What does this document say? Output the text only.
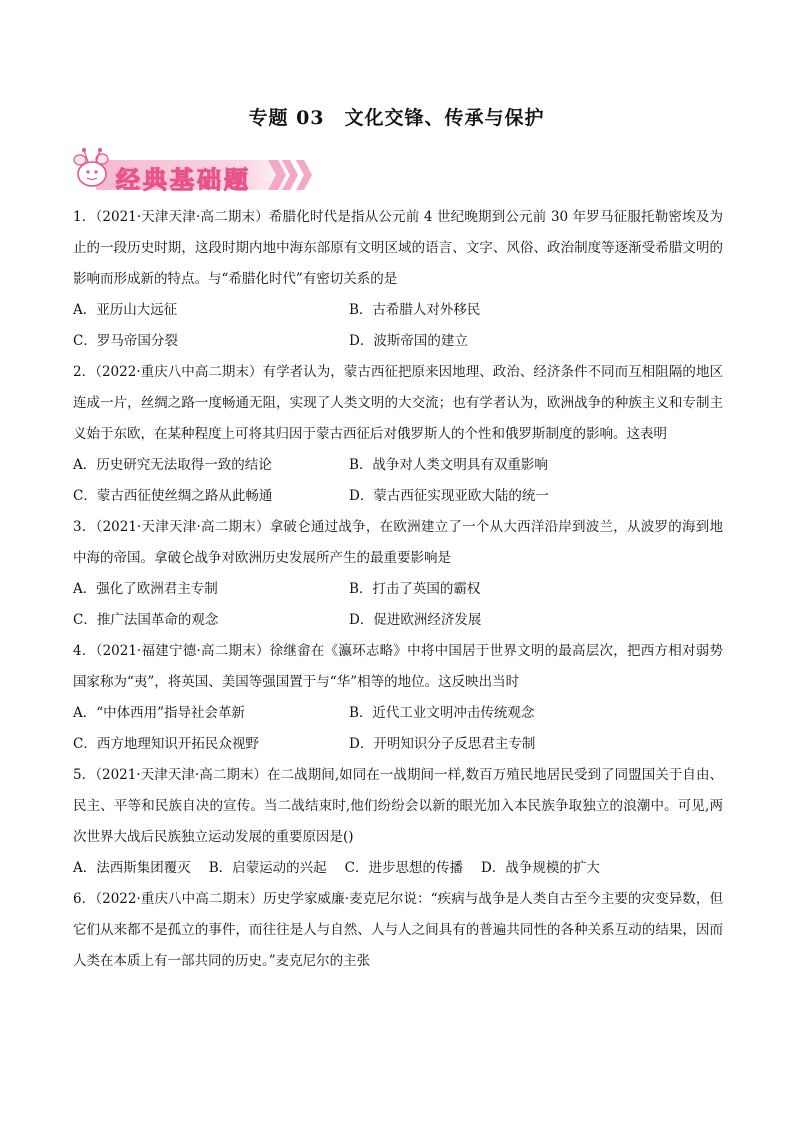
专题 03　文化交锋、传承与保护
经典基础题
1．（2021·天津天津·高二期末）希腊化时代是指从公元前 4 世纪晚期到公元前 30 年罗马征服托勒密埃及为止的一段历史时期，这段时期内地中海东部原有文明区域的语言、文字、风俗、政治制度等逐渐受希腊文明的影响而形成新的特点。与“希腊化时代”有密切关系的是
A．亚历山大远征	B．古希腊人对外移民
C．罗马帝国分裂	D．波斯帝国的建立
2．（2022·重庆八中高二期末）有学者认为，蒙古西征把原来因地理、政治、经济条件不同而互相阻隔的地区连成一片，丝绸之路一度畅通无阻，实现了人类文明的大交流；也有学者认为，欧洲战争的种族主义和专制主义始于东欧，在某种程度上可将其归因于蒙古西征后对俄罗斯人的个性和俄罗斯制度的影响。这表明
A．历史研究无法取得一致的结论	B．战争对人类文明具有双重影响
C．蒙古西征使丝绸之路从此畅通	D．蒙古西征实现亚欧大陆的统一
3．（2021·天津天津·高二期末）拿破仑通过战争，在欧洲建立了一个从大西洋沿岸到波兰，从波罗的海到地中海的帝国。拿破仑战争对欧洲历史发展所产生的最重要影响是
A．强化了欧洲君主专制	B．打击了英国的霸权
C．推广法国革命的观念	D．促进欧洲经济发展
4．（2021·福建宁德·高二期末）徐继畲在《瀛环志略》中将中国居于世界文明的最高层次，把西方相对弱势国家称为“夷”，将英国、美国等强国置于与“华”相等的地位。这反映出当时
A．“中体西用”指导社会革新	B．近代工业文明冲击传统观念
C．西方地理知识开拓民众视野	D．开明知识分子反思君主专制
5．（2021·天津天津·高二期末）在二战期间,如同在一战期间一样,数百万殖民地居民受到了同盟国关于自由、民主、平等和民族自决的宣传。当二战结束时,他们纷纷会以新的眼光加入本民族争取独立的浪潮中。可见,两次世界大战后民族独立运动发展的重要原因是()
A．法西斯集团覆灭 B．启蒙运动的兴起 C．进步思想的传播 D．战争规模的扩大
6．（2022·重庆八中高二期末）历史学家威廉·麦克尼尔说：“疾病与战争是人类自古至今主要的灾变异数，但它们从来都不是孤立的事件，而往往是人与自然、人与人之间具有的普遍共同性的各种关系互动的结果，因而人类在本质上有一部共同的历史。”麦克尼尔的主张
